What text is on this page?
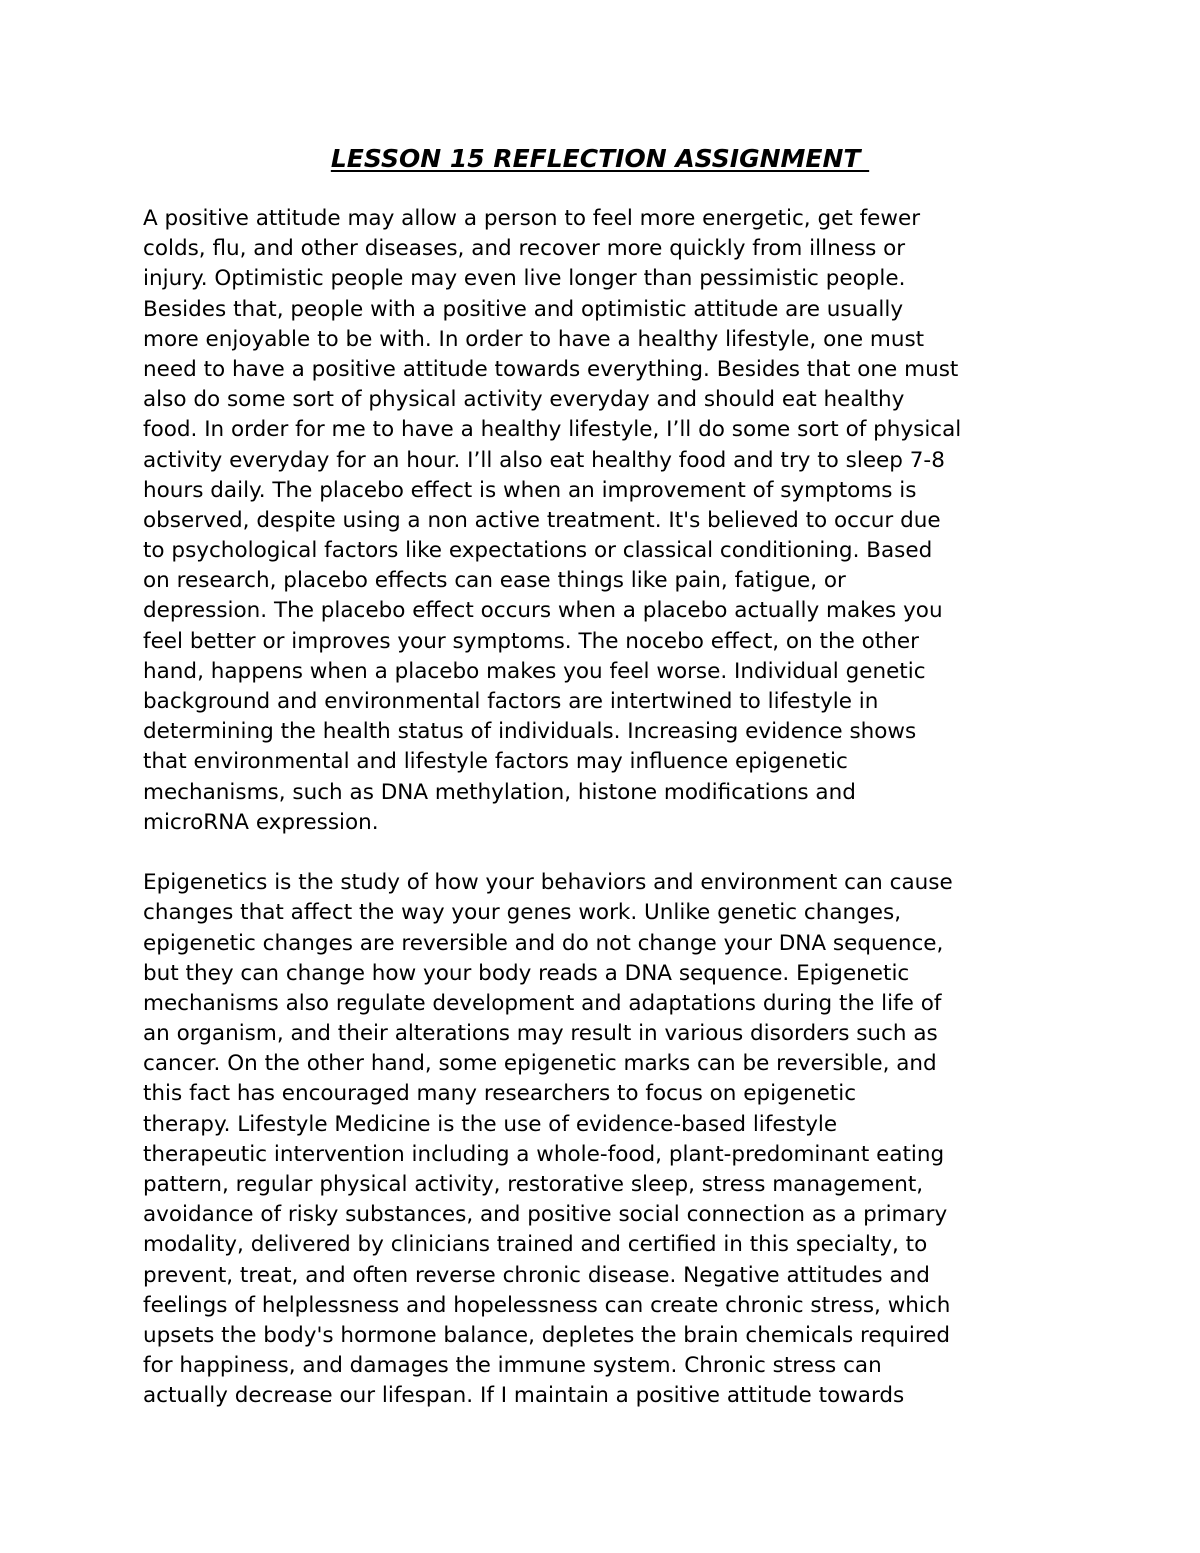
LESSON 15 REFLECTION ASSIGNMENT
A positive attitude may allow a person to feel more energetic, get fewer
colds, flu, and other diseases, and recover more quickly from illness or
injury. Optimistic people may even live longer than pessimistic people.
Besides that, people with a positive and optimistic attitude are usually
more enjoyable to be with. In order to have a healthy lifestyle, one must
need to have a positive attitude towards everything. Besides that one must
also do some sort of physical activity everyday and should eat healthy
food. In order for me to have a healthy lifestyle, I’ll do some sort of physical
activity everyday for an hour. I’ll also eat healthy food and try to sleep 7-8
hours daily. The placebo effect is when an improvement of symptoms is
observed, despite using a non active treatment. It's believed to occur due
to psychological factors like expectations or classical conditioning. Based
on research, placebo effects can ease things like pain, fatigue, or
depression. The placebo effect occurs when a placebo actually makes you
feel better or improves your symptoms. The nocebo effect, on the other
hand, happens when a placebo makes you feel worse. Individual genetic
background and environmental factors are intertwined to lifestyle in
determining the health status of individuals. Increasing evidence shows
that environmental and lifestyle factors may influence epigenetic
mechanisms, such as DNA methylation, histone modifications and
microRNA expression.
Epigenetics is the study of how your behaviors and environment can cause
changes that affect the way your genes work. Unlike genetic changes,
epigenetic changes are reversible and do not change your DNA sequence,
but they can change how your body reads a DNA sequence. Epigenetic
mechanisms also regulate development and adaptations during the life of
an organism, and their alterations may result in various disorders such as
cancer. On the other hand, some epigenetic marks can be reversible, and
this fact has encouraged many researchers to focus on epigenetic
therapy. Lifestyle Medicine is the use of evidence-based lifestyle
therapeutic intervention including a whole-food, plant-predominant eating
pattern, regular physical activity, restorative sleep, stress management,
avoidance of risky substances, and positive social connection as a primary
modality, delivered by clinicians trained and certified in this specialty, to
prevent, treat, and often reverse chronic disease. Negative attitudes and
feelings of helplessness and hopelessness can create chronic stress, which
upsets the body's hormone balance, depletes the brain chemicals required
for happiness, and damages the immune system. Chronic stress can
actually decrease our lifespan. If I maintain a positive attitude towards
